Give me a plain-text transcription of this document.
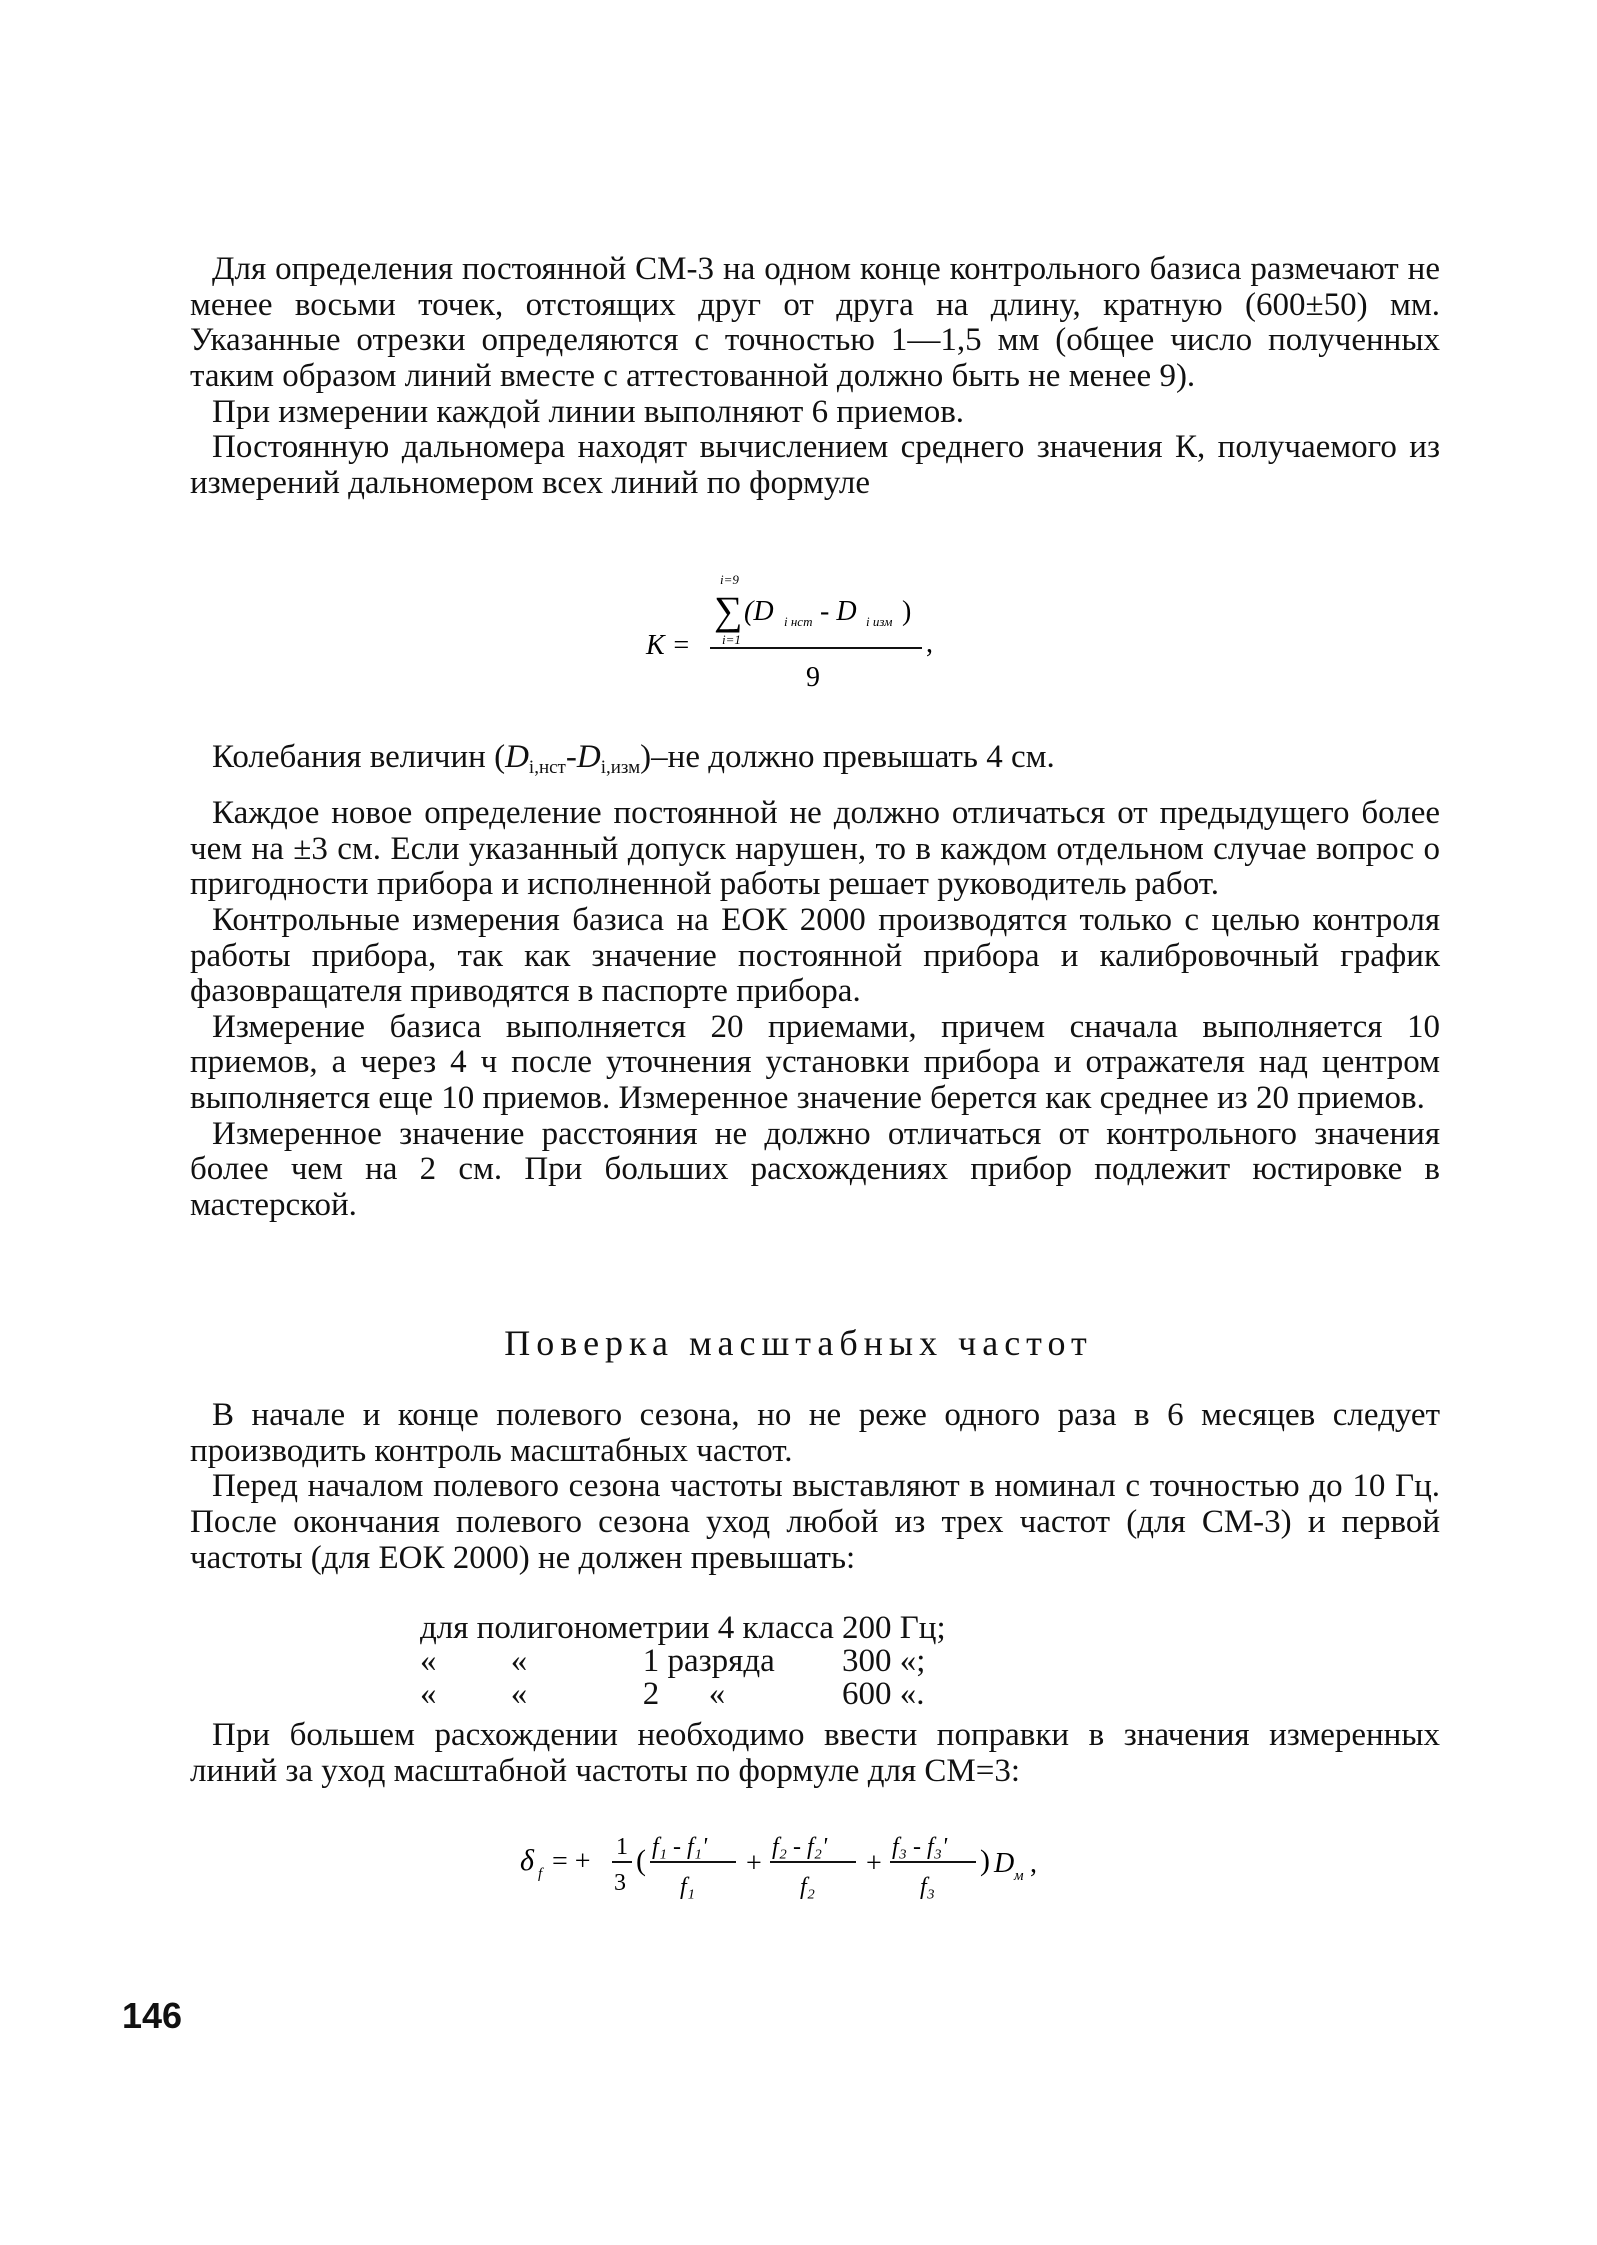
Для определения постоянной СМ-3 на одном конце контрольного базиса размечают не менее восьми точек, отстоящих друг от друга на длину, кратную (600±50) мм. Указанные отрезки определяются с точностью 1—1,5 мм (общее число полученных таким образом линий вместе с аттестованной должно быть не менее 9).

При измерении каждой линии выполняют 6 приемов.

Постоянную дальномера находят вычислением среднего значения К, получаемого из измерений дальномером всех линий по формуле

i=9
∑ (D i нст - D i изм )
K = i=1	,
9

Колебания величин $(D_{i,нст}-D_{i,изм})-не$ должно превышать 4 см.

Каждое новое определение постоянной не должно отличаться от предыдущего более чем на ±3 см. Если указанный допуск нарушен, то в каждом отдельном случае вопрос о пригодности прибора и исполненной работы решает руководитель работ.

Контрольные измерения базиса на ЕОК 2000 производятся только с целью контроля работы прибора, так как значение постоянной прибора и калибровочный график фазовращателя приводятся в паспорте прибора.

Измерение базиса выполняется 20 приемами, причем сначала выполняется 10 приемов, а через 4 ч после уточнения установки прибора и отражателя над центром выполняется еще 10 приемов. Измеренное значение берется как среднее из 20 приемов.

Измеренное значение расстояния не должно отличаться от контрольного значения более чем на 2 см. При больших расхождениях прибор подлежит юстировке в мастерской.

Поверка масштабных частот

В начале и конце полевого сезона, но не реже одного раза в 6 месяцев следует производить контроль масштабных частот.

Перед началом полевого сезона частоты выставляют в номинал с точностью до 10 Гц. После окончания полевого сезона уход любой из трех частот (для СМ-3) и первой частоты (для ЕОК 2000) не должен превышать:

для полигонометрии 4 класса	200 Гц;
«         «              1 разряда	300 «;
«         «              2      «	600 «.

При большем расхождении необходимо ввести поправки в значения измеренных линий за уход масштабной частоты по формуле для СМ=3:

δ f = + 1
3
( f₁ - f₁'
f₁
+
f₂ - f₂'
f₂
+
f₃ - f₃'
f₃
) D м ,
146
